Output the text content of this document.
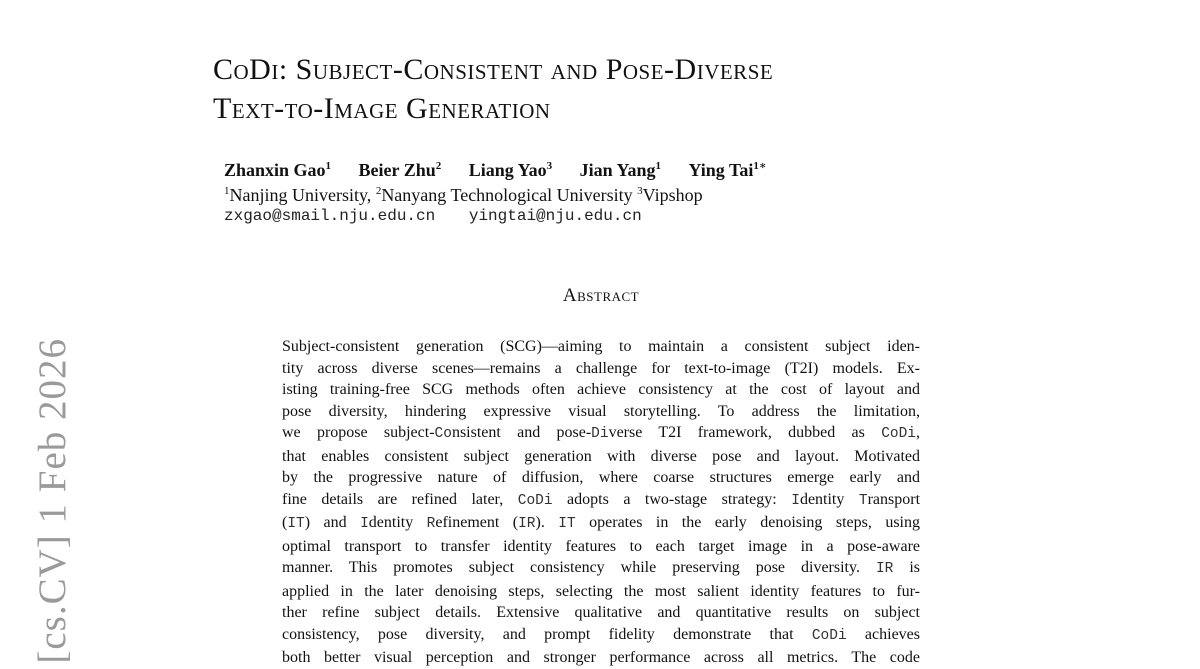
[cs.CV] 1 Feb 2026
CoDi: Subject-Consistent and Pose-Diverse
Text-to-Image Generation
Zhanxin Gao$^1$ Beier Zhu$^2$ Liang Yao$^3$ Jian Yang$^1$ Ying Tai$^{1∗}$
$^1$Nanjing University, $^2$Nanyang Technological University $^3$Vipshop
zxgao@smail.nju.edu.cn yingtai@nju.edu.cn
Abstract
Subject-consistent generation (SCG)—aiming to maintain a consistent subject iden-
tity across diverse scenes—remains a challenge for text-to-image (T2I) models. Ex-
isting training-free SCG methods often achieve consistency at the cost of layout and
pose diversity, hindering expressive visual storytelling. To address the limitation,
we propose subject-Consistent and pose-Diverse T2I framework, dubbed as CoDi,
that enables consistent subject generation with diverse pose and layout. Motivated
by the progressive nature of diffusion, where coarse structures emerge early and
fine details are refined later, CoDi adopts a two-stage strategy: Identity Transport
(IT) and Identity Refinement (IR). IT operates in the early denoising steps, using
optimal transport to transfer identity features to each target image in a pose-aware
manner. This promotes subject consistency while preserving pose diversity. IR is
applied in the later denoising steps, selecting the most salient identity features to fur-
ther refine subject details. Extensive qualitative and quantitative results on subject
consistency, pose diversity, and prompt fidelity demonstrate that CoDi achieves
both better visual perception and stronger performance across all metrics. The code
